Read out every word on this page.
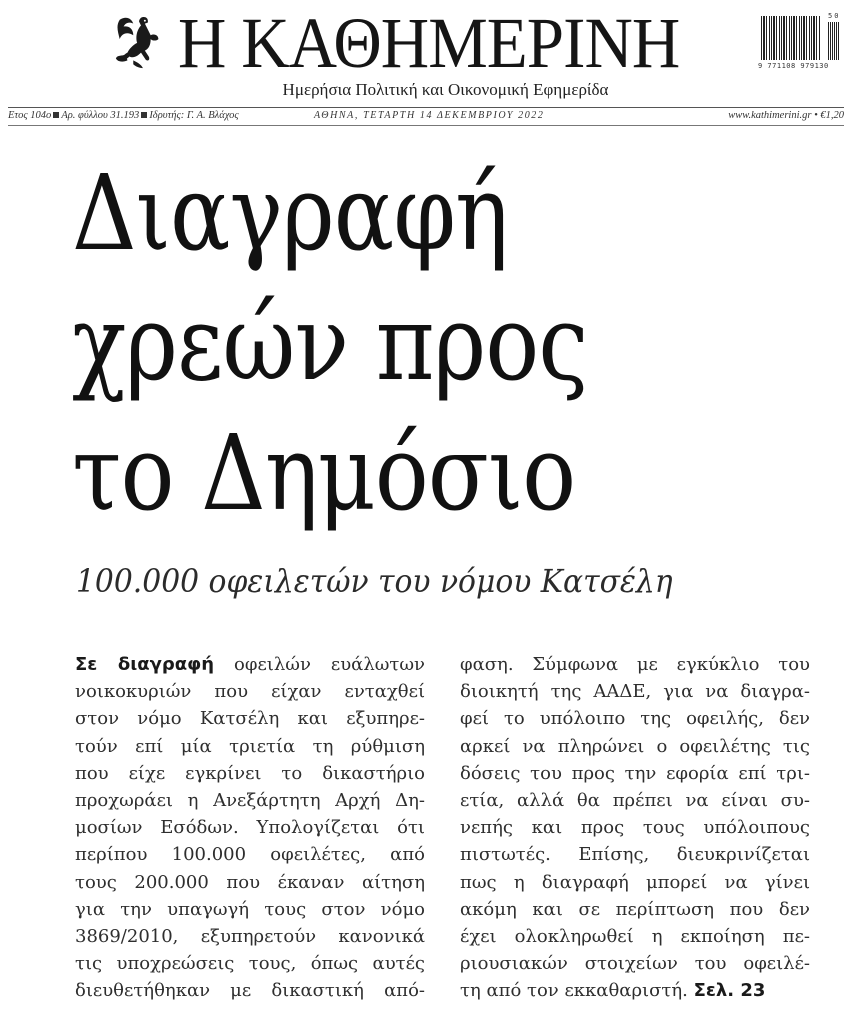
Η ΚΑΘΗΜΕΡΙΝΗ	50
9 771108 979130
Ημερήσια Πολιτική και Οικονομική Εφημερίδα
Ετος 104ο Αρ. φύλλου 31.193 Ιδρυτής: Γ. Α. Βλάχος	ΑΘΗΝΑ, ΤΕΤΑΡΤΗ 14 ΔΕΚΕΜΒΡΙΟΥ 2022	www.kathimerini.gr • €1,20
Διαγραφή
χρεών προς
το Δημόσιο
100.000 οφειλετών του νόμου Κατσέλη
Σε διαγραφή οφειλών ευάλωτων
νοικοκυριών που είχαν ενταχθεί
στον νόμο Κατσέλη και εξυπηρε-
τούν επί μία τριετία τη ρύθμιση
που είχε εγκρίνει το δικαστήριο
προχωράει η Ανεξάρτητη Αρχή Δη-
μοσίων Εσόδων. Υπολογίζεται ότι
περίπου 100.000 οφειλέτες, από
τους 200.000 που έκαναν αίτηση
για την υπαγωγή τους στον νόμο
3869/2010, εξυπηρετούν κανονικά
τις υποχρεώσεις τους, όπως αυτές
διευθετήθηκαν με δικαστική από-
φαση. Σύμφωνα με εγκύκλιο του
διοικητή της ΑΑΔΕ, για να διαγρα-
φεί το υπόλοιπο της οφειλής, δεν
αρκεί να πληρώνει ο οφειλέτης τις
δόσεις του προς την εφορία επί τρι-
ετία, αλλά θα πρέπει να είναι συ-
νεπής και προς τους υπόλοιπους
πιστωτές. Επίσης, διευκρινίζεται
πως η διαγραφή μπορεί να γίνει
ακόμη και σε περίπτωση που δεν
έχει ολοκληρωθεί η εκποίηση πε-
ριουσιακών στοιχείων του οφειλέ-
τη από τον εκκαθαριστή. Σελ. 23
